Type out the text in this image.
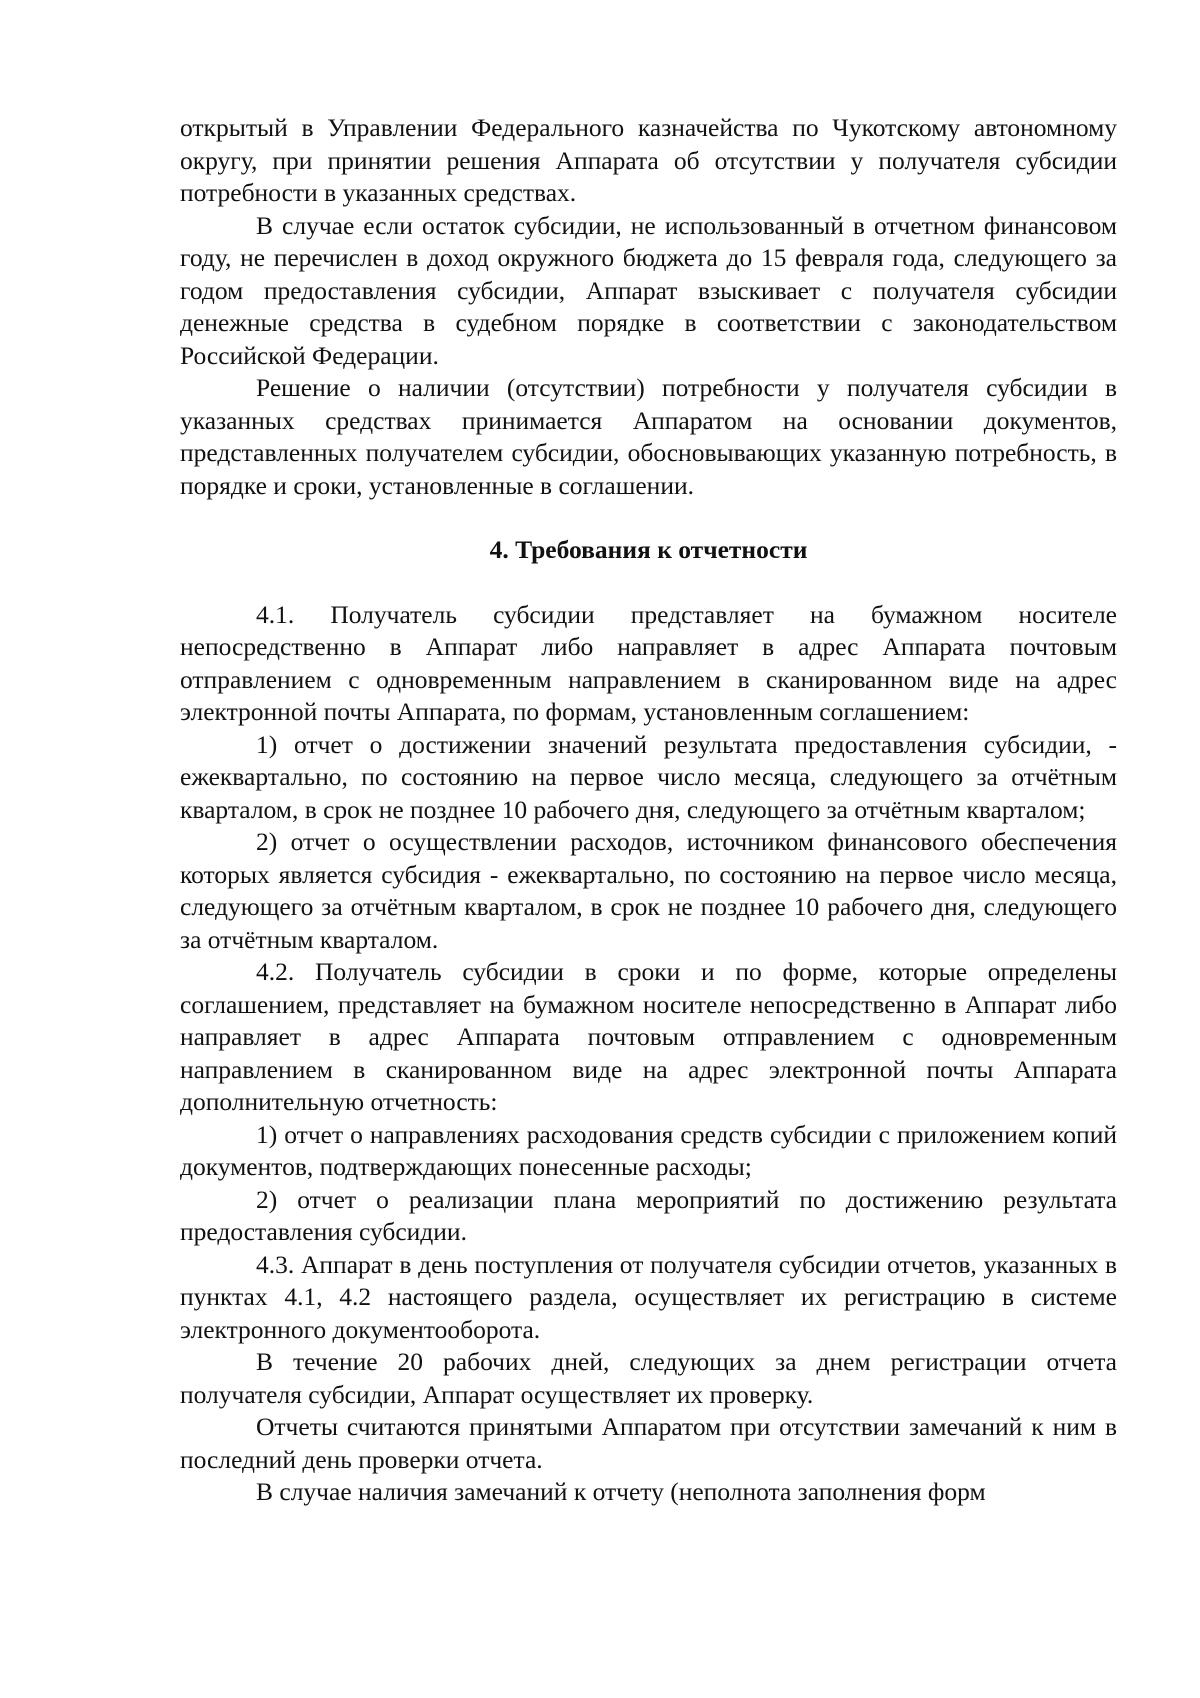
открытый в Управлении Федерального казначейства по Чукотскому автономному округу, при принятии решения Аппарата об отсутствии у получателя субсидии потребности в указанных средствах.

В случае если остаток субсидии, не использованный в отчетном финансовом году, не перечислен в доход окружного бюджета до 15 февраля года, следующего за годом предоставления субсидии, Аппарат взыскивает с получателя субсидии денежные средства в судебном порядке в соответствии с законодательством Российской Федерации.

Решение о наличии (отсутствии) потребности у получателя субсидии в указанных средствах принимается Аппаратом на основании документов, представленных получателем субсидии, обосновывающих указанную потребность, в порядке и сроки, установленные в соглашении.

4. Требования к отчетности

4.1. Получатель субсидии представляет на бумажном носителе непосредственно в Аппарат либо направляет в адрес Аппарата почтовым отправлением с одновременным направлением в сканированном виде на адрес электронной почты Аппарата, по формам, установленным соглашением:

1) отчет о достижении значений результата предоставления субсидии, - ежеквартально, по состоянию на первое число месяца, следующего за отчётным кварталом, в срок не позднее 10 рабочего дня, следующего за отчётным кварталом;

2) отчет о осуществлении расходов, источником финансового обеспечения которых является субсидия - ежеквартально, по состоянию на первое число месяца, следующего за отчётным кварталом, в срок не позднее 10 рабочего дня, следующего за отчётным кварталом.

4.2. Получатель субсидии в сроки и по форме, которые определены соглашением, представляет на бумажном носителе непосредственно в Аппарат либо направляет в адрес Аппарата почтовым отправлением с одновременным направлением в сканированном виде на адрес электронной почты Аппарата дополнительную отчетность:

1) отчет о направлениях расходования средств субсидии с приложением копий документов, подтверждающих понесенные расходы;

2) отчет о реализации плана мероприятий по достижению результата предоставления субсидии.

4.3. Аппарат в день поступления от получателя субсидии отчетов, указанных в пунктах 4.1, 4.2 настоящего раздела, осуществляет их регистрацию в системе электронного документооборота.

В течение 20 рабочих дней, следующих за днем регистрации отчета получателя субсидии, Аппарат осуществляет их проверку.

Отчеты считаются принятыми Аппаратом при отсутствии замечаний к ним в последний день проверки отчета.

В случае наличия замечаний к отчету (неполнота заполнения форм
